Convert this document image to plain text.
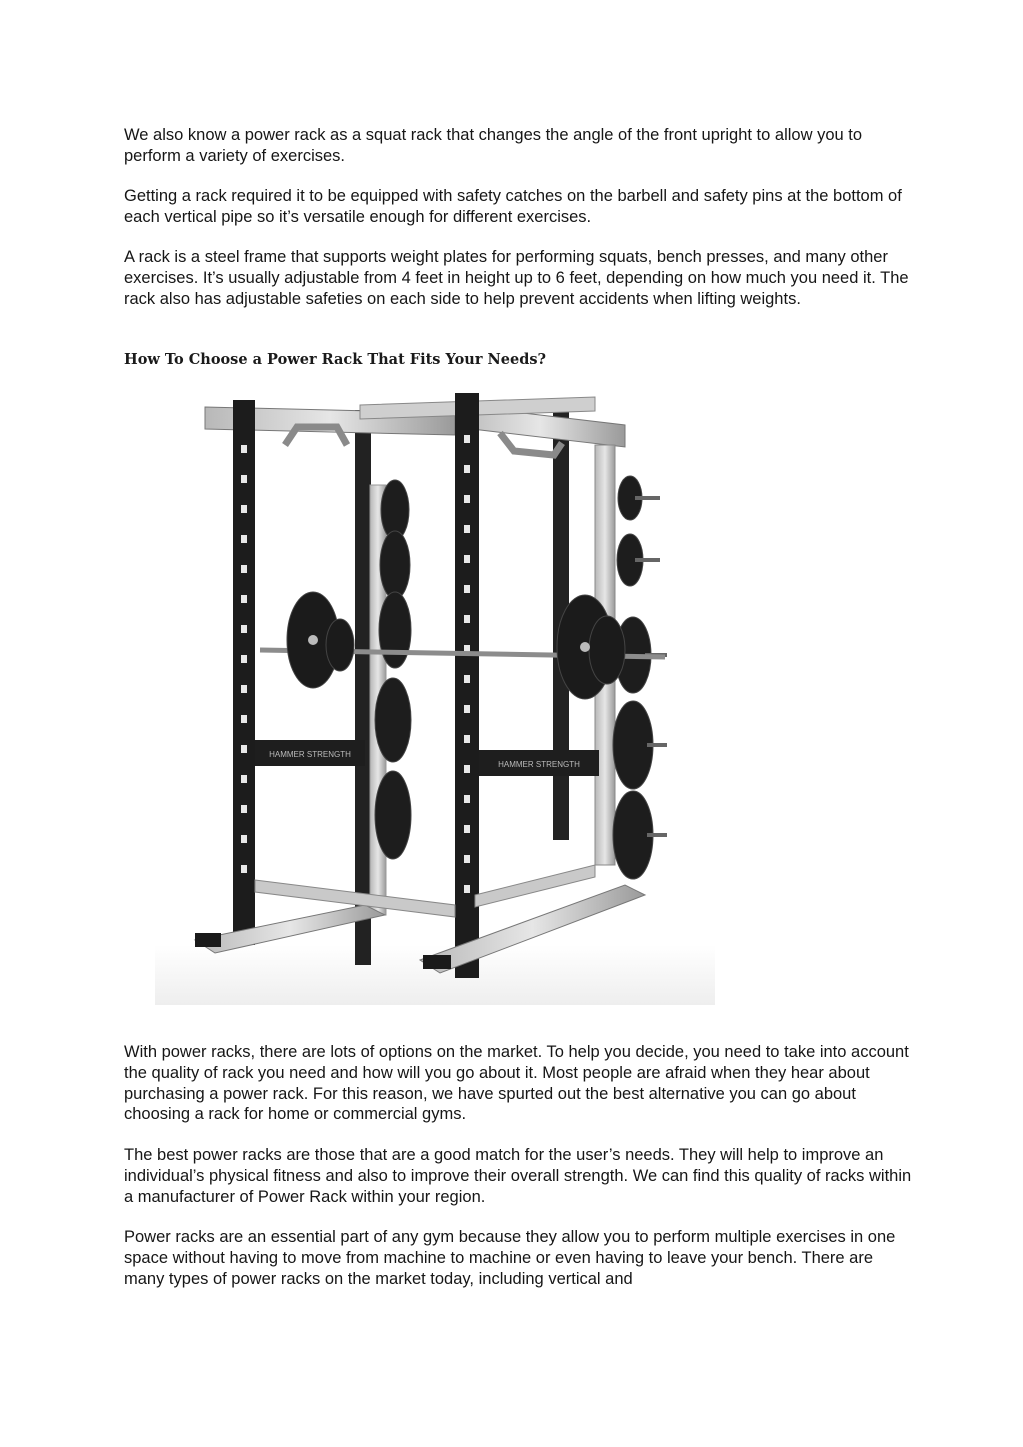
We also know a power rack as a squat rack that changes the angle of the front upright to allow you to perform a variety of exercises.

Getting a rack required it to be equipped with safety catches on the barbell and safety pins at the bottom of each vertical pipe so it’s versatile enough for different exercises.

A rack is a steel frame that supports weight plates for performing squats, bench presses, and many other exercises. It’s usually adjustable from 4 feet in height up to 6 feet, depending on how much you need it. The rack also has adjustable safeties on each side to help prevent accidents when lifting weights.

How To Choose a Power Rack That Fits Your Needs?
HAMMER STRENGTH
HAMMER STRENGTH

With power racks, there are lots of options on the market. To help you decide, you need to take into account the quality of rack you need and how will you go about it. Most people are afraid when they hear about purchasing a power rack. For this reason, we have spurted out the best alternative you can go about choosing a rack for home or commercial gyms.

The best power racks are those that are a good match for the user’s needs. They will help to improve an individual’s physical fitness and also to improve their overall strength. We can find this quality of racks within a manufacturer of Power Rack within your region.

Power racks are an essential part of any gym because they allow you to perform multiple exercises in one space without having to move from machine to machine or even having to leave your bench. There are many types of power racks on the market today, including vertical and
